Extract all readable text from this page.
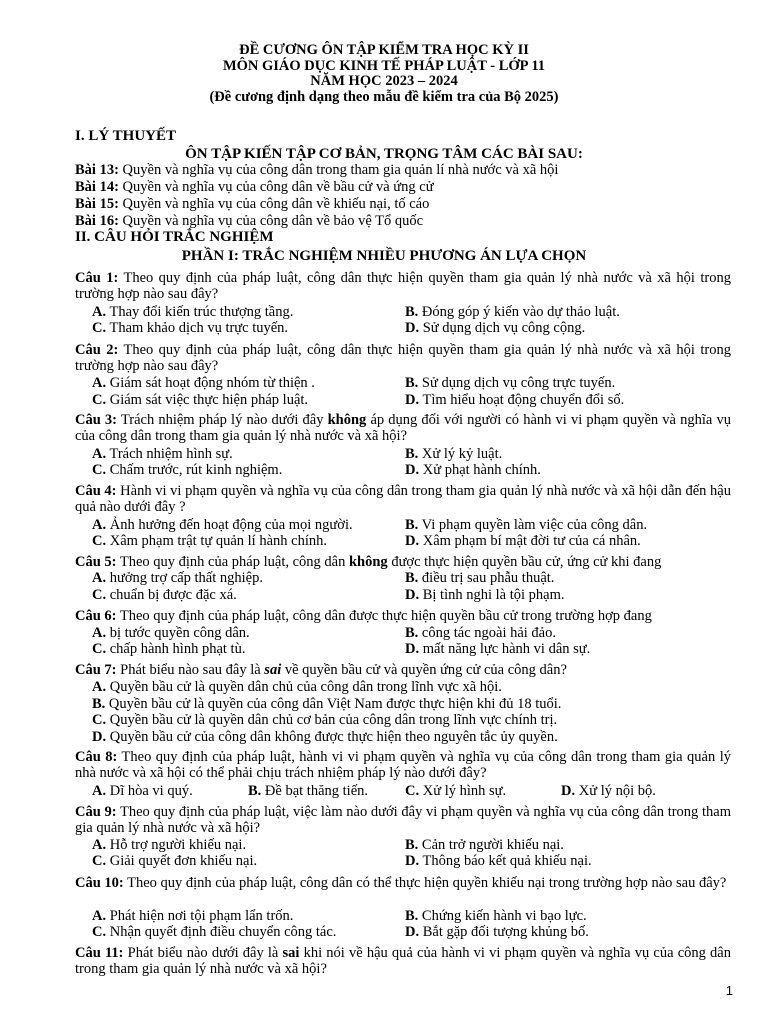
ĐỀ CƯƠNG ÔN TẬP KIỂM TRA HỌC KỲ II
MÔN GIÁO DỤC KINH TẾ PHÁP LUẬT - LỚP 11
NĂM HỌC 2023 – 2024
(Đề cương định dạng theo mẫu đề kiểm tra của Bộ 2025)
I. LÝ THUYẾT
ÔN TẬP KIẾN TẬP CƠ BẢN, TRỌNG TÂM CÁC BÀI SAU:
Bài 13: Quyền và nghĩa vụ của công dân trong tham gia quản lí nhà nước và xã hội
Bài 14: Quyền và nghĩa vụ của công dân về bầu cử và ứng cử
Bài 15: Quyền và nghĩa vụ của công dân về khiếu nại, tố cáo
Bài 16: Quyền và nghĩa vụ của công dân về bảo vệ Tổ quốc
II. CÂU HỎI TRẮC NGHIỆM
PHẦN I: TRẮC NGHIỆM NHIỀU PHƯƠNG ÁN LỰA CHỌN
Câu 1: Theo quy định của pháp luật, công dân thực hiện quyền tham gia quản lý nhà nước và xã hội trong trường hợp nào sau đây?
A. Thay đổi kiến trúc thượng tầng.	B. Đóng góp ý kiến vào dự thảo luật.
C. Tham khảo dịch vụ trực tuyến.	D. Sử dụng dịch vụ công cộng.
Câu 2: Theo quy định của pháp luật, công dân thực hiện quyền tham gia quản lý nhà nước và xã hội trong trường hợp nào sau đây?
A. Giám sát hoạt động nhóm từ thiện .	B. Sử dụng dịch vụ công trực tuyến.
C. Giám sát việc thực hiện pháp luật.	D. Tìm hiểu hoạt động chuyển đổi số.
Câu 3: Trách nhiệm pháp lý nào dưới đây không áp dụng đối với người có hành vi vi phạm quyền và nghĩa vụ của công dân trong tham gia quản lý nhà nước và xã hội?
A. Trách nhiệm hình sự.	B. Xử lý kỷ luật.
C. Chấm trước, rút kinh nghiệm.	D. Xử phạt hành chính.
Câu 4: Hành vi vi phạm quyền và nghĩa vụ của công dân trong tham gia quản lý nhà nước và xã hội dẫn đến hậu quả nào dưới đây ?
A. Ảnh hưởng đến hoạt động của mọi người.	B. Vi phạm quyền làm việc của công dân.
C. Xâm phạm trật tự quản lí hành chính.	D. Xâm phạm bí mật đời tư của cá nhân.
Câu 5: Theo quy định của pháp luật, công dân không được thực hiện quyền bầu cử, ứng cử khi đang
A. hưởng trợ cấp thất nghiệp.	B. điều trị sau phẫu thuật.
C. chuẩn bị được đặc xá.	D. Bị tình nghi là tội phạm.
Câu 6: Theo quy định của pháp luật, công dân được thực hiện quyền bầu cử trong trường hợp đang
A. bị tước quyền công dân.	B. công tác ngoài hải đảo.
C. chấp hành hình phạt tù.	D. mất năng lực hành vi dân sự.
Câu 7: Phát biểu nào sau đây là sai về quyền bầu cử và quyền ứng cử của công dân?
A. Quyền bầu cử là quyền dân chủ của công dân trong lĩnh vực xã hội.
B. Quyền bầu cử là quyền của công dân Việt Nam được thực hiện khi đủ 18 tuổi.
C. Quyền bầu cử là quyền dân chủ cơ bản của công dân trong lĩnh vực chính trị.
D. Quyền bầu cử của công dân không được thực hiện theo nguyên tắc ủy quyền.
Câu 8: Theo quy định của pháp luật, hành vi vi phạm quyền và nghĩa vụ của công dân trong tham gia quản lý nhà nước và xã hội có thể phải chịu trách nhiệm pháp lý nào dưới đây?
A. Dĩ hòa vi quý.	B. Đề bạt thăng tiến.	C. Xử lý hình sự.	D. Xử lý nội bộ.
Câu 9: Theo quy định của pháp luật, việc làm nào dưới đây vi phạm quyền và nghĩa vụ của công dân trong tham gia quản lý nhà nước và xã hội?
A. Hỗ trợ người khiếu nại.	B. Cản trở người khiếu nại.
C. Giải quyết đơn khiếu nại.	D. Thông báo kết quả khiếu nại.
Câu 10: Theo quy định của pháp luật, công dân có thể thực hiện quyền khiếu nại trong trường hợp nào sau đây?
A. Phát hiện nơi tội phạm lẩn trốn.	B. Chứng kiến hành vi bạo lực.
C. Nhận quyết định điều chuyển công tác.	D. Bắt gặp đối tượng khủng bố.
Câu 11: Phát biểu nào dưới đây là sai khi nói về hậu quả của hành vi vi phạm quyền và nghĩa vụ của công dân trong tham gia quản lý nhà nước và xã hội?
1
